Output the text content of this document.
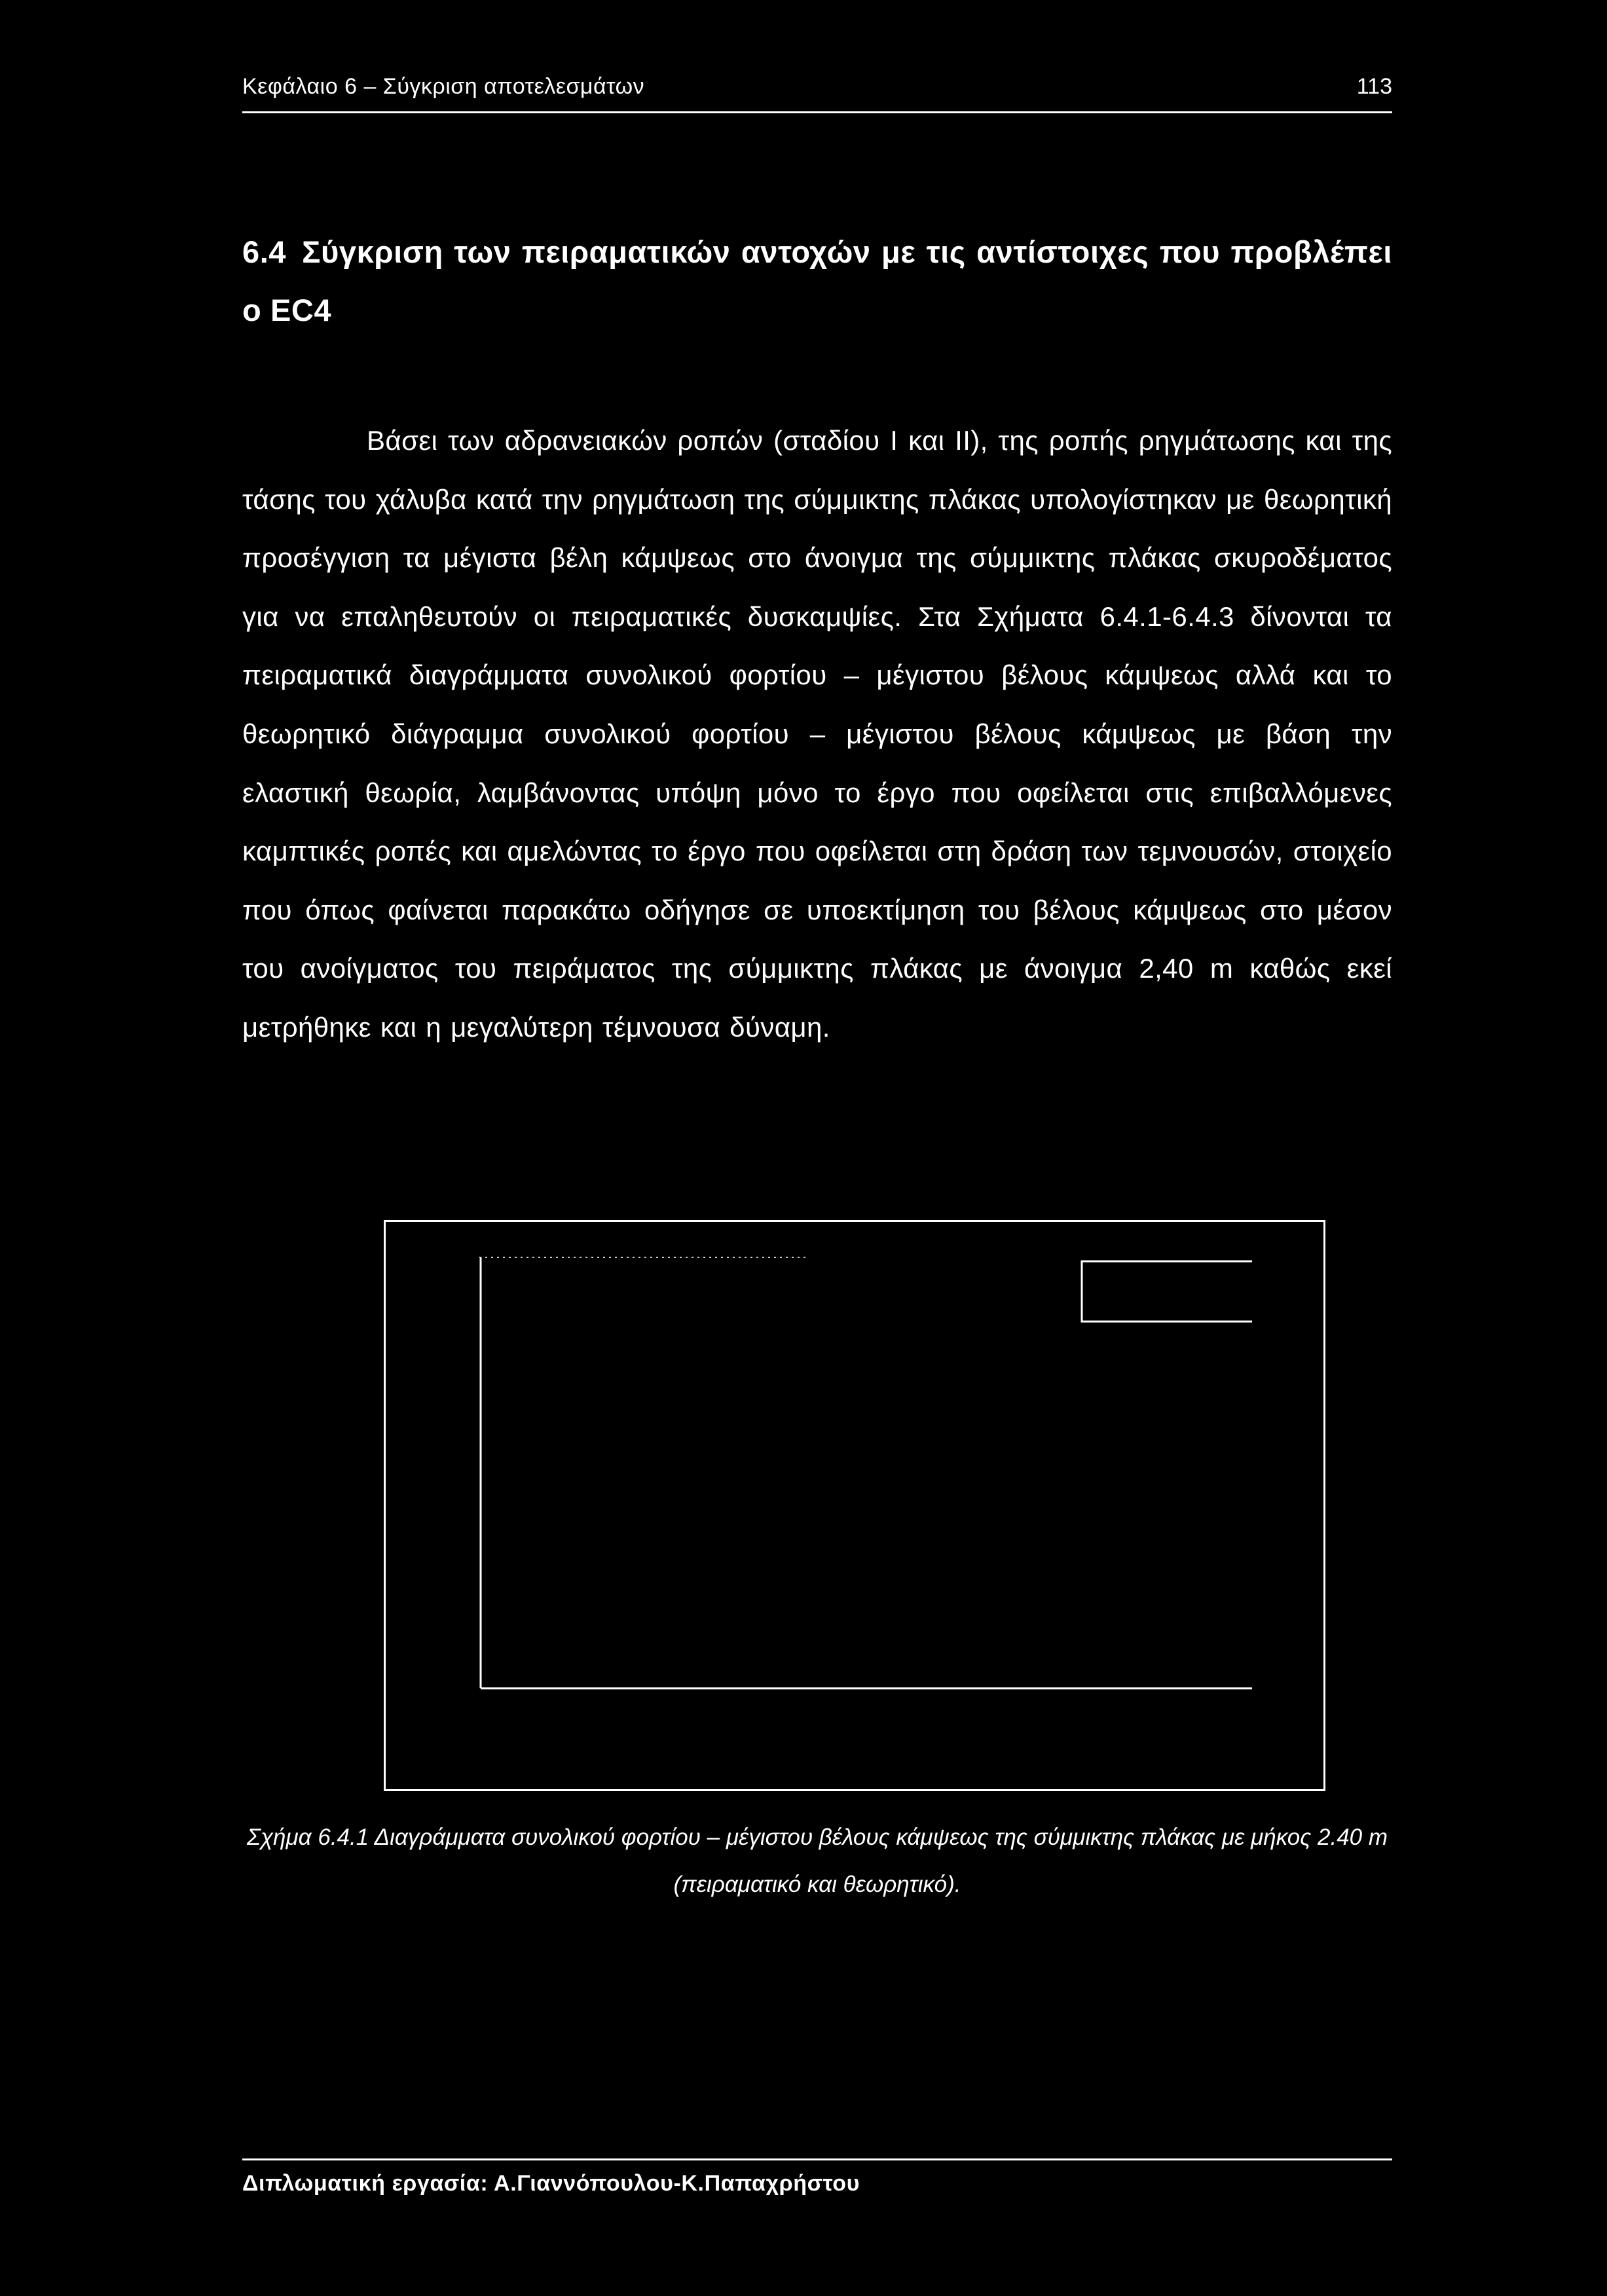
Κεφάλαιο 6 – Σύγκριση αποτελεσμάτων	113
6.4 Σύγκριση των πειραματικών αντοχών με τις αντίστοιχες που προβλέπει ο EC4

Βάσει των αδρανειακών ροπών (σταδίου I και II), της ροπής ρηγμάτωσης και της τάσης του χάλυβα κατά την ρηγμάτωση της σύμμικτης πλάκας υπολογίστηκαν με θεωρητική προσέγγιση τα μέγιστα βέλη κάμψεως στο άνοιγμα της σύμμικτης πλάκας σκυροδέματος για να επαληθευτούν οι πειραματικές δυσκαμψίες. Στα Σχήματα 6.4.1-6.4.3 δίνονται τα πειραματικά διαγράμματα συνολικού φορτίου – μέγιστου βέλους κάμψεως αλλά και το θεωρητικό διάγραμμα συνολικού φορτίου – μέγιστου βέλους κάμψεως με βάση την ελαστική θεωρία, λαμβάνοντας υπόψη μόνο το έργο που οφείλεται στις επιβαλλόμενες καμπτικές ροπές και αμελώντας το έργο που οφείλεται στη δράση των τεμνουσών, στοιχείο που όπως φαίνεται παρακάτω οδήγησε σε υποεκτίμηση του βέλους κάμψεως στο μέσον του ανοίγματος του πειράματος της σύμμικτης πλάκας με άνοιγμα 2,40 m καθώς εκεί μετρήθηκε και η μεγαλύτερη τέμνουσα δύναμη.

Σχήμα 6.4.1 Διαγράμματα συνολικού φορτίου – μέγιστου βέλους κάμψεως της σύμμικτης πλάκας με μήκος 2.40 m (πειραματικό και θεωρητικό).

Διπλωματική εργασία: Α.Γιαννόπουλου-Κ.Παπαχρήστου
